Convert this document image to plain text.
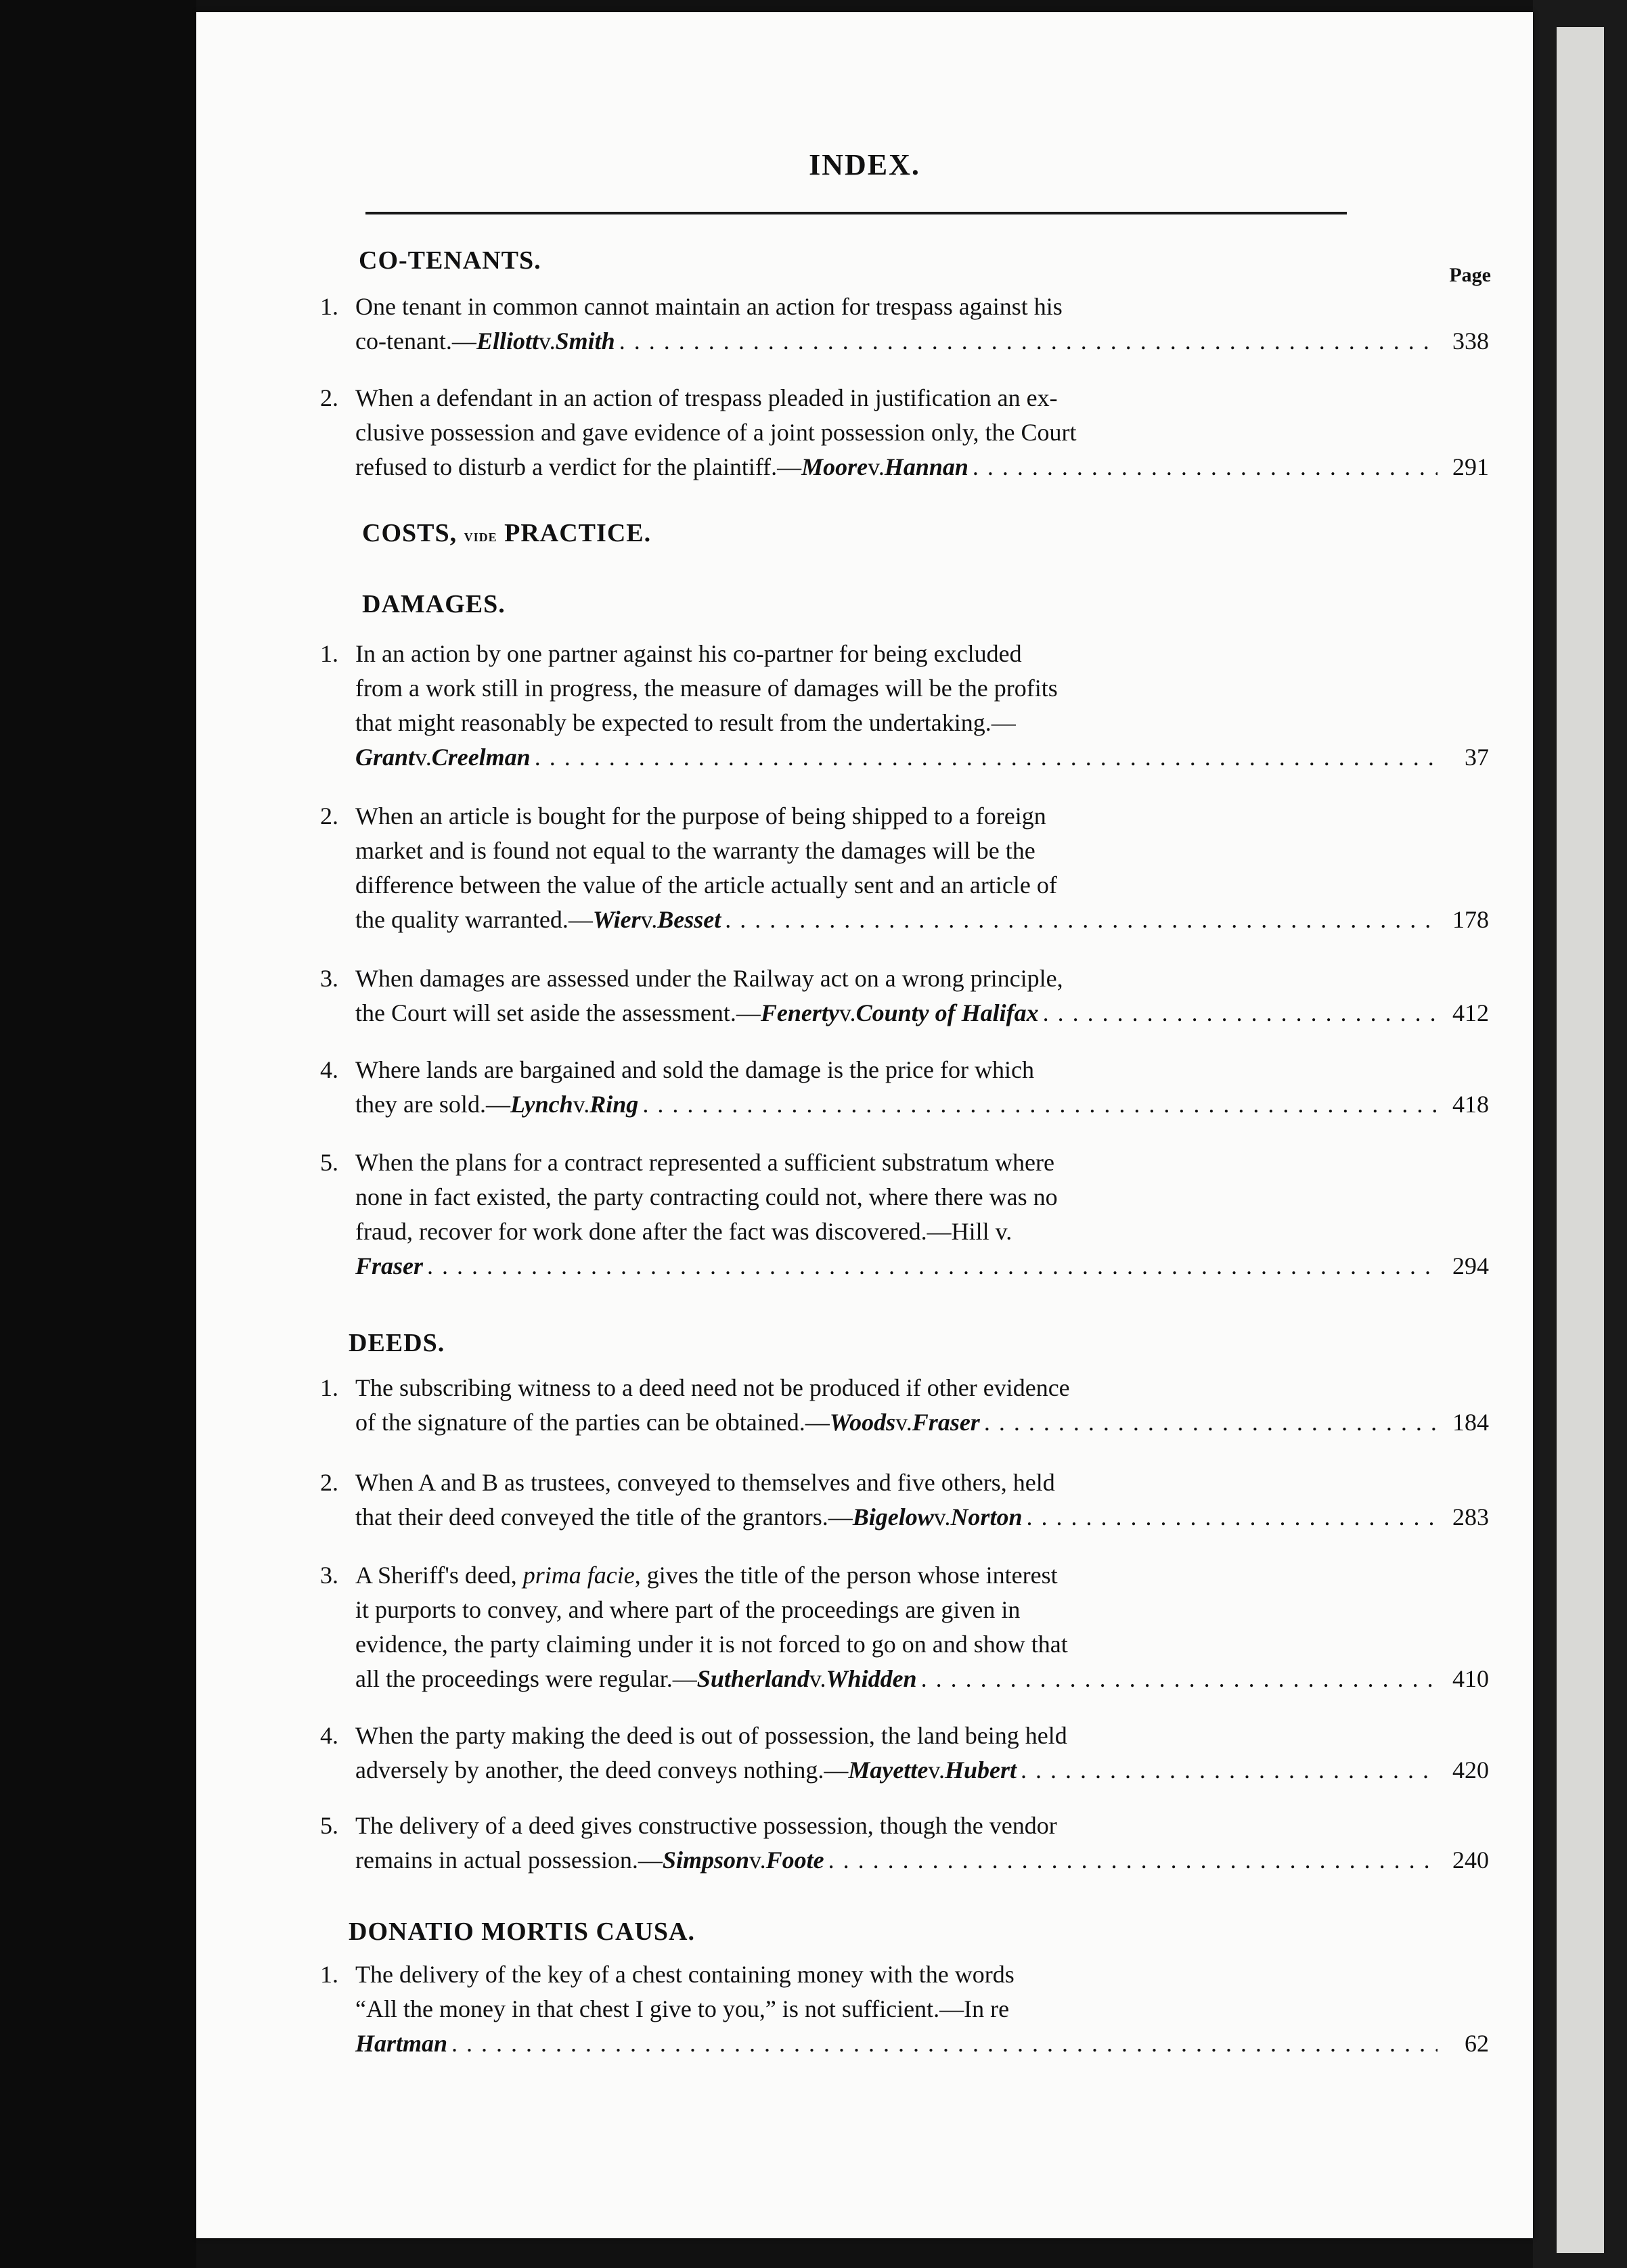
INDEX.
CO-TENANTS.
Page
1. One tenant in common cannot maintain an action for trespass against his
co-tenant.— Elliott v. Smith . . .	338
2. When a defendant in an action of trespass pleaded in justification an ex-
clusive possession and gave evidence of a joint possession only, the Court
refused to disturb a verdict for the plaintiff.— Moore v. Hannan . . .	291
COSTS, vide PRACTICE.
DAMAGES.
1. In an action by one partner against his co-partner for being excluded
from a work still in progress, the measure of damages will be the profits
that might reasonably be expected to result from the undertaking.—
Grant v. Creelman . . .	37
2. When an article is bought for the purpose of being shipped to a foreign
market and is found not equal to the warranty the damages will be the
difference between the value of the article actually sent and an article of
the quality warranted.— Wier v. Besset . . .	178
3. When damages are assessed under the Railway act on a wrong principle,
the Court will set aside the assessment.— Fenerty v. County of Halifax . . .	412
4. Where lands are bargained and sold the damage is the price for which
they are sold.— Lynch v. Ring . . .	418
5. When the plans for a contract represented a sufficient substratum where
none in fact existed, the party contracting could not, where there was no
fraud, recover for work done after the fact was discovered.—Hill v.
Fraser . . .	294
DEEDS.
1. The subscribing witness to a deed need not be produced if other evidence
of the signature of the parties can be obtained.— Woods v. Fraser . . .	184
2. When A and B as trustees, conveyed to themselves and five others, held
that their deed conveyed the title of the grantors.— Bigelow v. Norton . . .	283
3. A Sheriff's deed, prima facie, gives the title of the person whose interest
it purports to convey, and where part of the proceedings are given in
evidence, the party claiming under it is not forced to go on and show that
all the proceedings were regular.— Sutherland v. Whidden . . .	410
4. When the party making the deed is out of possession, the land being held
adversely by another, the deed conveys nothing.— Mayette v. Hubert . . .	420
5. The delivery of a deed gives constructive possession, though the vendor
remains in actual possession.— Simpson v. Foote . . .	240
DONATIO MORTIS CAUSA.
1. The delivery of the key of a chest containing money with the words
“All the money in that chest I give to you,” is not sufficient.—In re
Hartman . . .	62
